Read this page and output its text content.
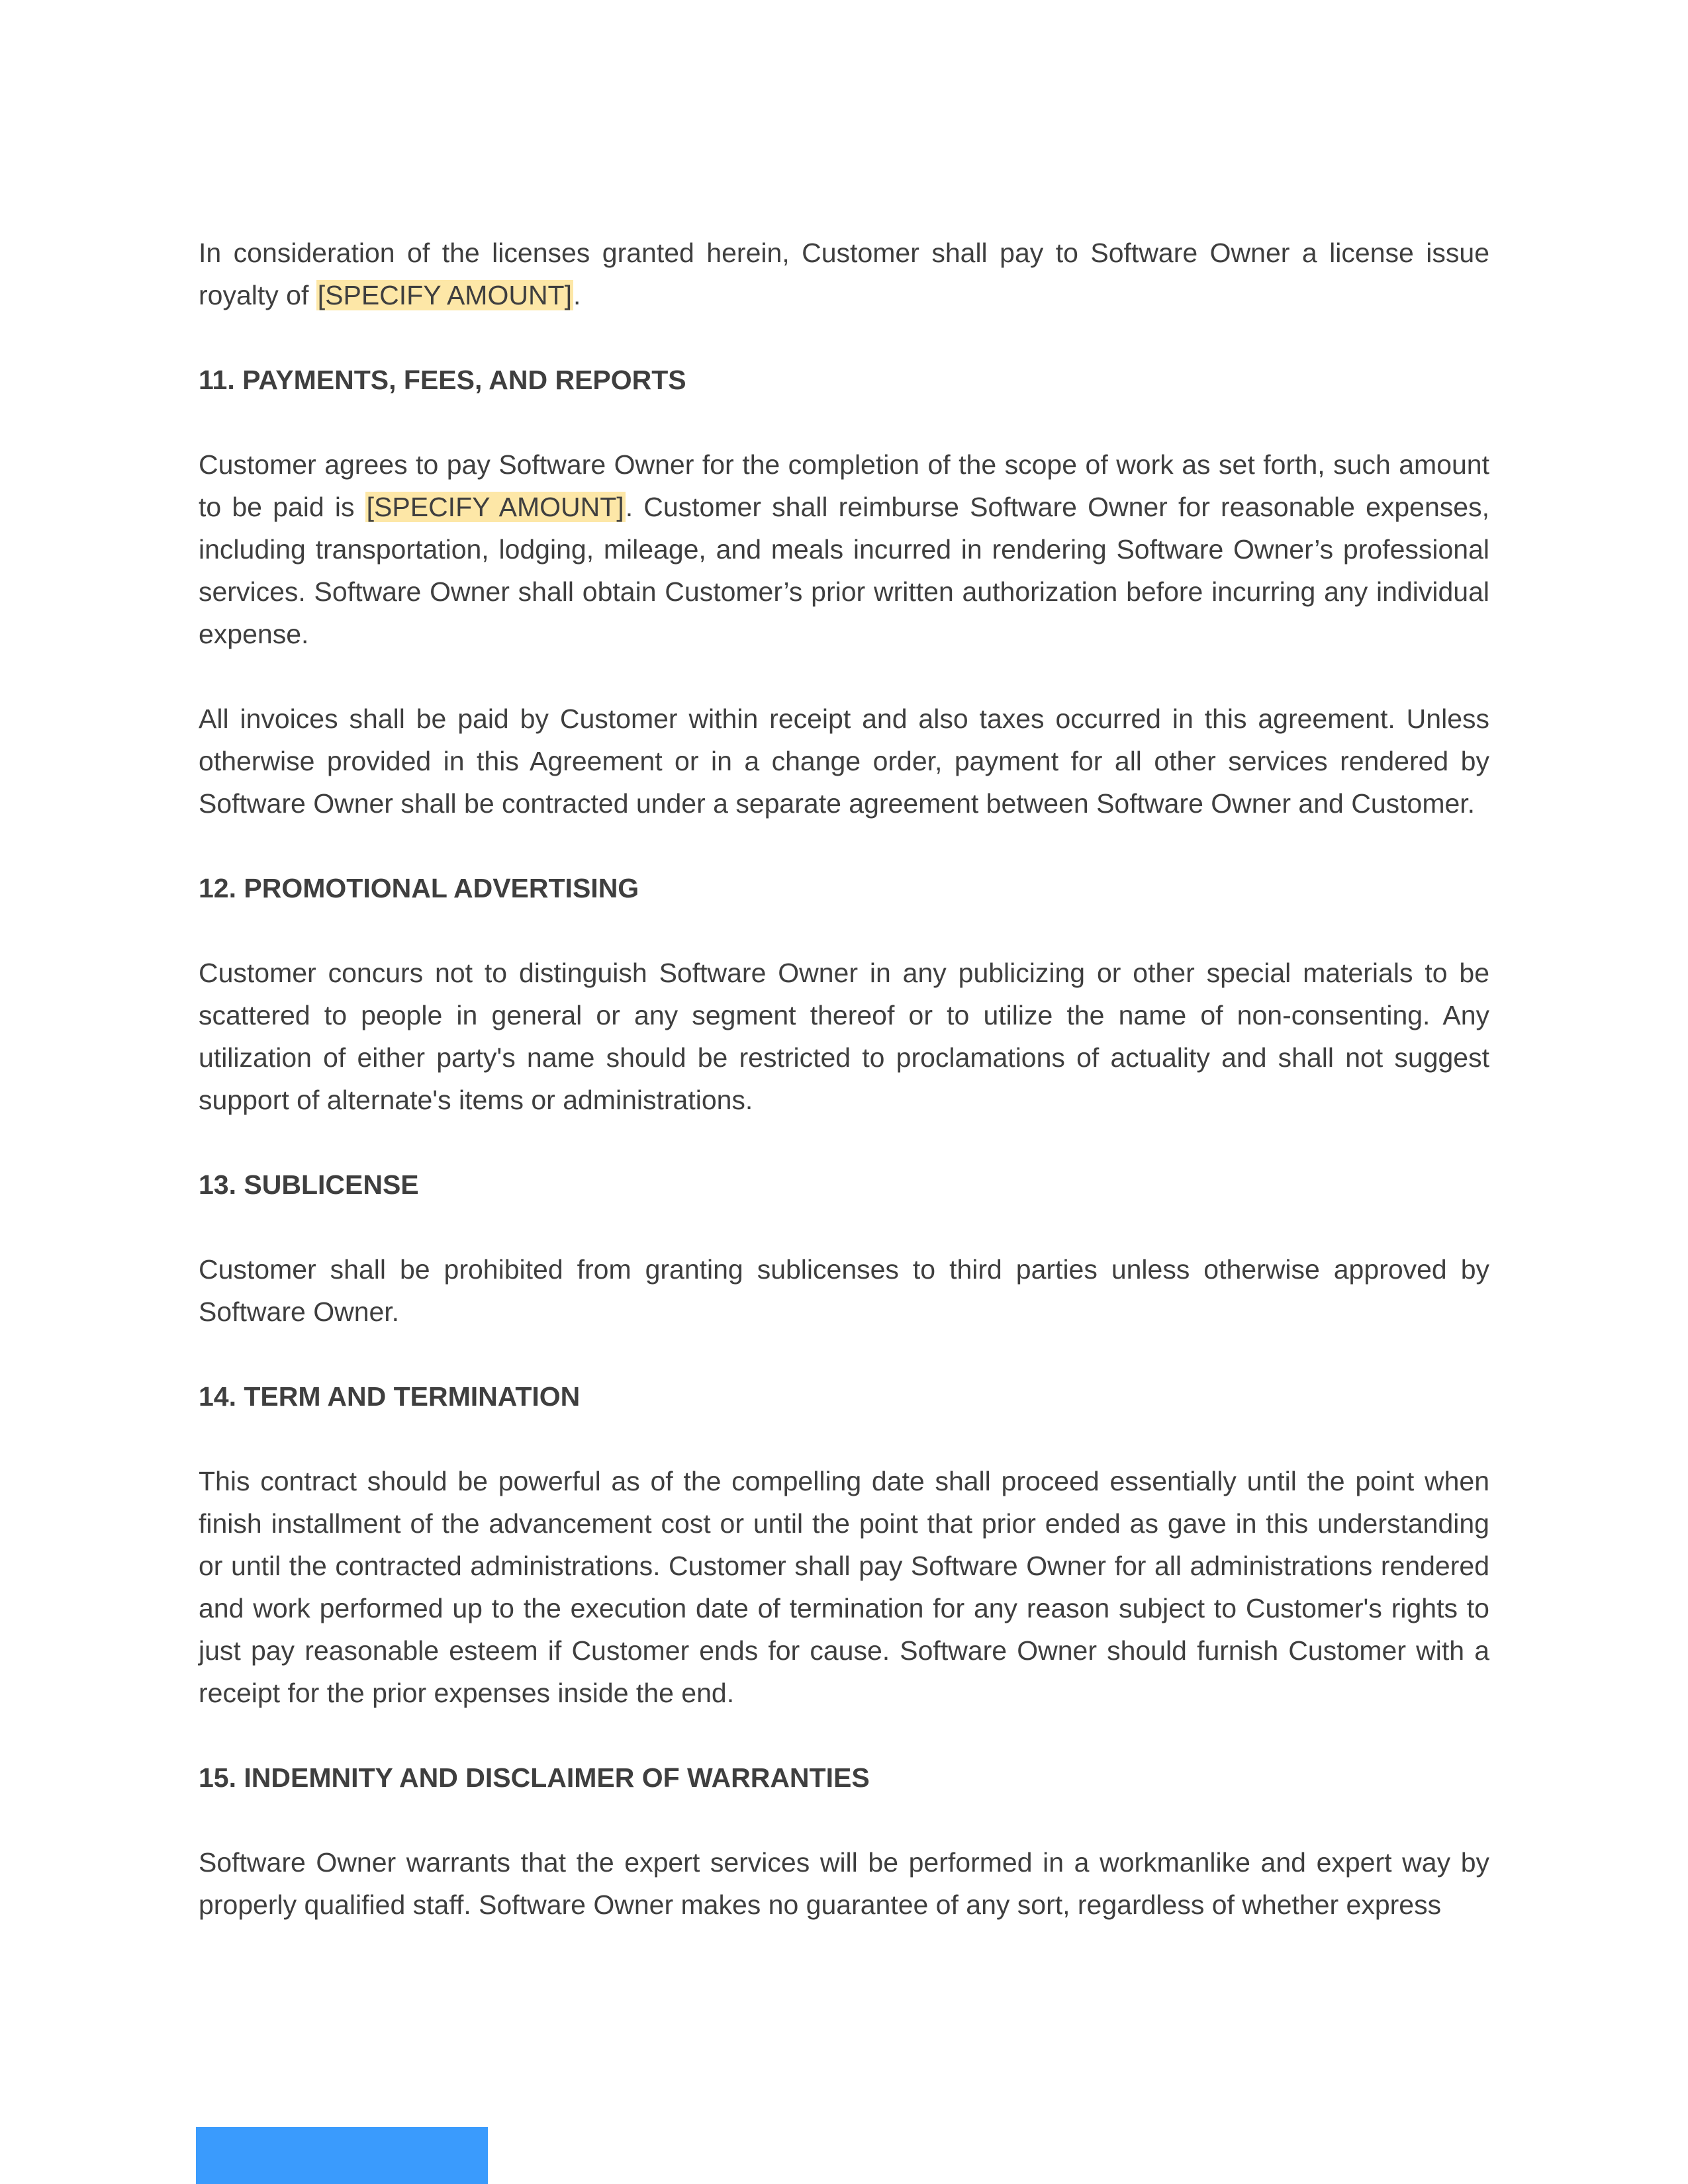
In consideration of the licenses granted herein, Customer shall pay to Software Owner a license issue royalty of [SPECIFY AMOUNT].

11. PAYMENTS, FEES, AND REPORTS

Customer agrees to pay Software Owner for the completion of the scope of work as set forth, such amount to be paid is [SPECIFY AMOUNT]. Customer shall reimburse Software Owner for reasonable expenses, including transportation, lodging, mileage, and meals incurred in rendering Software Owner’s professional services. Software Owner shall obtain Customer’s prior written authorization before incurring any individual expense.

All invoices shall be paid by Customer within receipt and also taxes occurred in this agreement. Unless otherwise provided in this Agreement or in a change order, payment for all other services rendered by Software Owner shall be contracted under a separate agreement between Software Owner and Customer.

12. PROMOTIONAL ADVERTISING

Customer concurs not to distinguish Software Owner in any publicizing or other special materials to be scattered to people in general or any segment thereof or to utilize the name of non-consenting. Any utilization of either party's name should be restricted to proclamations of actuality and shall not suggest support of alternate's items or administrations.

13. SUBLICENSE

Customer shall be prohibited from granting sublicenses to third parties unless otherwise approved by Software Owner.

14. TERM AND TERMINATION

This contract should be powerful as of the compelling date shall proceed essentially until the point when finish installment of the advancement cost or until the point that prior ended as gave in this understanding or until the contracted administrations. Customer shall pay Software Owner for all administrations rendered and work performed up to the execution date of termination for any reason subject to Customer's rights to just pay reasonable esteem if Customer ends for cause. Software Owner should furnish Customer with a receipt for the prior expenses inside the end.

15. INDEMNITY AND DISCLAIMER OF WARRANTIES

Software Owner warrants that the expert services will be performed in a workmanlike and expert way by properly qualified staff. Software Owner makes no guarantee of any sort, regardless of whether express
